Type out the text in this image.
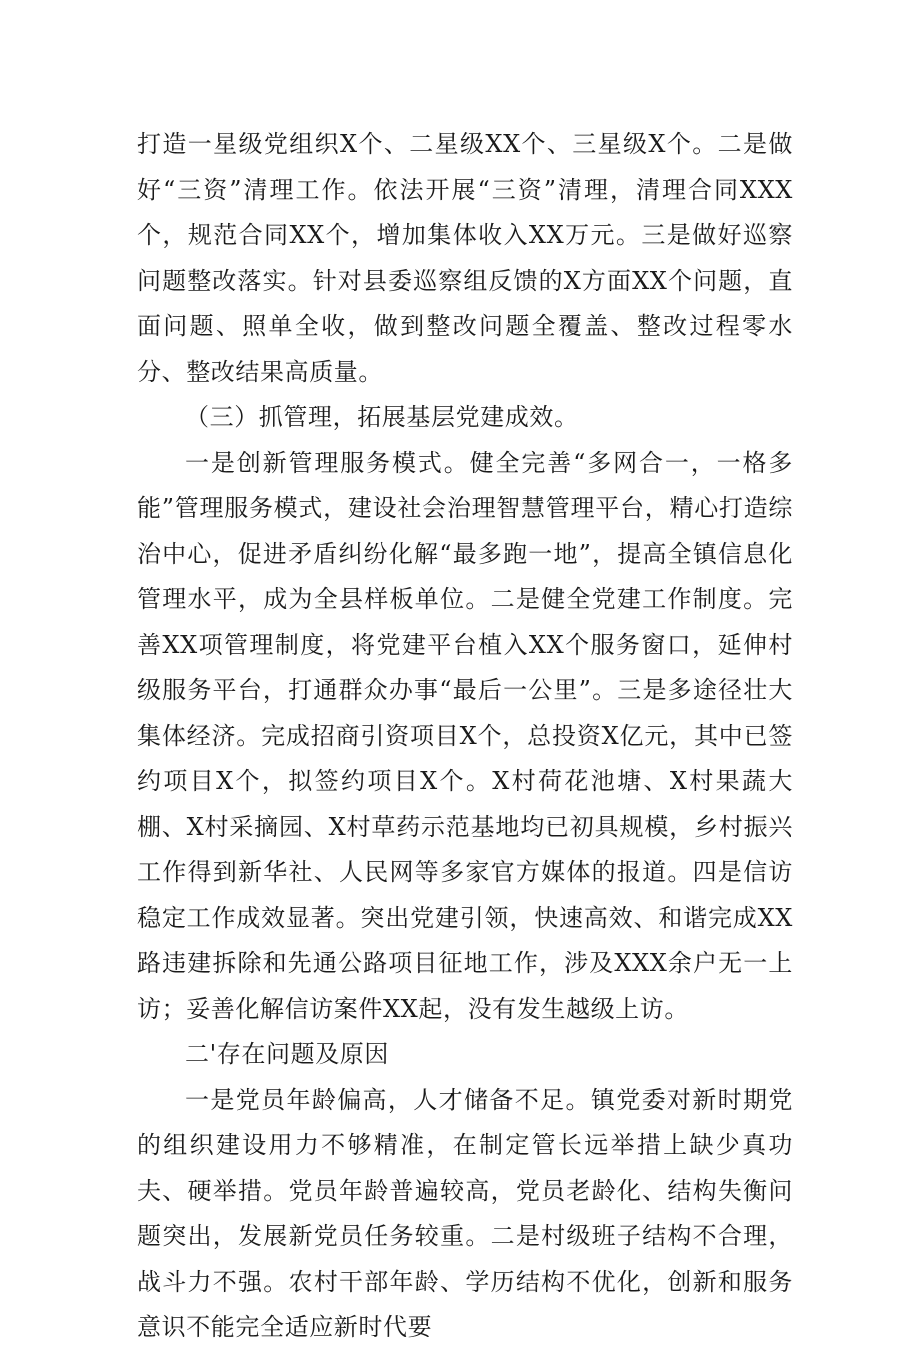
打造一星级党组织X个、二星级XX个、三星级X个。二是做好“三资”清理工作。依法开展“三资”清理，清理合同XXX个，规范合同XX个，增加集体收入XX万元。三是做好巡察问题整改落实。针对县委巡察组反馈的X方面XX个问题，直面问题、照单全收，做到整改问题全覆盖、整改过程零水分、整改结果高质量。

（三）抓管理，拓展基层党建成效。

一是创新管理服务模式。健全完善“多网合一，一格多能”管理服务模式，建设社会治理智慧管理平台，精心打造综治中心，促进矛盾纠纷化解“最多跑一地”，提高全镇信息化管理水平，成为全县样板单位。二是健全党建工作制度。完善XX项管理制度，将党建平台植入XX个服务窗口，延伸村级服务平台，打通群众办事“最后一公里”。三是多途径壮大集体经济。完成招商引资项目X个，总投资X亿元，其中已签约项目X个，拟签约项目X个。X村荷花池塘、X村果蔬大棚、X村采摘园、X村草药示范基地均已初具规模，乡村振兴工作得到新华社、人民网等多家官方媒体的报道。四是信访稳定工作成效显著。突出党建引领，快速高效、和谐完成XX路违建拆除和先通公路项目征地工作，涉及XXX余户无一上访；妥善化解信访案件XX起，没有发生越级上访。

二'存在问题及原因

一是党员年龄偏高，人才储备不足。镇党委对新时期党的组织建设用力不够精准，在制定管长远举措上缺少真功夫、硬举措。党员年龄普遍较高，党员老龄化、结构失衡问题突出，发展新党员任务较重。二是村级班子结构不合理，战斗力不强。农村干部年龄、学历结构不优化，创新和服务意识不能完全适应新时代要
